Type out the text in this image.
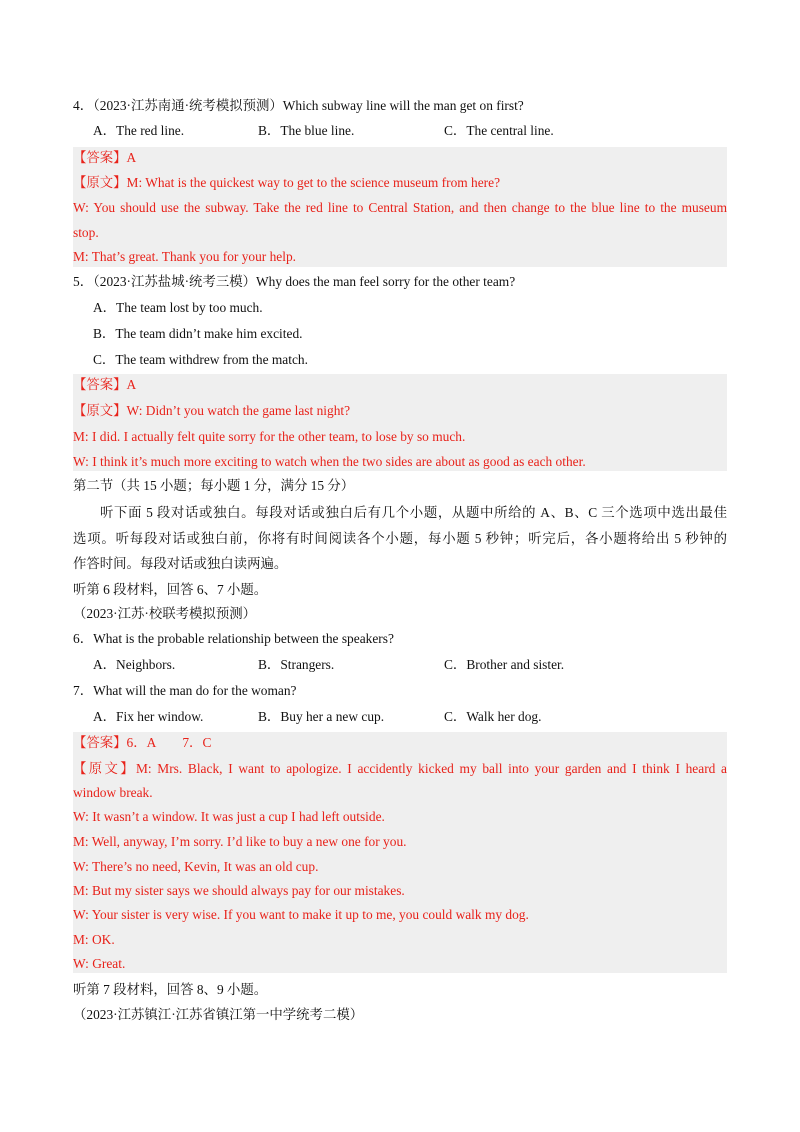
4．（2023·江苏南通·统考模拟预测）Which subway line will the man get on first?
A．The red line.	B．The blue line.	C．The central line.
【答案】A
【原文】M: What is the quickest way to get to the science museum from here?
W: You should use the subway. Take the red line to Central Station, and then change to the blue line to the museum
stop.
M: That’s great. Thank you for your help.
5．（2023·江苏盐城·统考三模）Why does the man feel sorry for the other team?
A．The team lost by too much.
B．The team didn’t make him excited.
C．The team withdrew from the match.
【答案】A
【原文】W: Didn’t you watch the game last night?
M: I did. I actually felt quite sorry for the other team, to lose by so much.
W: I think it’s much more exciting to watch when the two sides are about as good as each other.
第二节（共 15 小题；每小题 1 分，满分 15 分）
听下面 5 段对话或独白。每段对话或独白后有几个小题，从题中所给的 A、B、C 三个选项中选出最佳
选项。听每段对话或独白前，你将有时间阅读各个小题，每小题 5 秒钟；听完后，各小题将给出 5 秒钟的
作答时间。每段对话或独白读两遍。
听第 6 段材料，回答 6、7 小题。
（2023·江苏·校联考模拟预测）
6．What is the probable relationship between the speakers?
A．Neighbors.	B．Strangers.	C．Brother and sister.
7．What will the man do for the woman?
A．Fix her window.	B．Buy her a new cup.	C．Walk her dog.
【答案】6．A　　7．C
【原文】M: Mrs. Black, I want to apologize. I accidently kicked my ball into your garden and I think I heard a
window break.
W: It wasn’t a window. It was just a cup I had left outside.
M: Well, anyway, I’m sorry. I’d like to buy a new one for you.
W: There’s no need, Kevin, It was an old cup.
M: But my sister says we should always pay for our mistakes.
W: Your sister is very wise. If you want to make it up to me, you could walk my dog.
M: OK.
W: Great.
听第 7 段材料，回答 8、9 小题。
（2023·江苏镇江·江苏省镇江第一中学统考二模）
